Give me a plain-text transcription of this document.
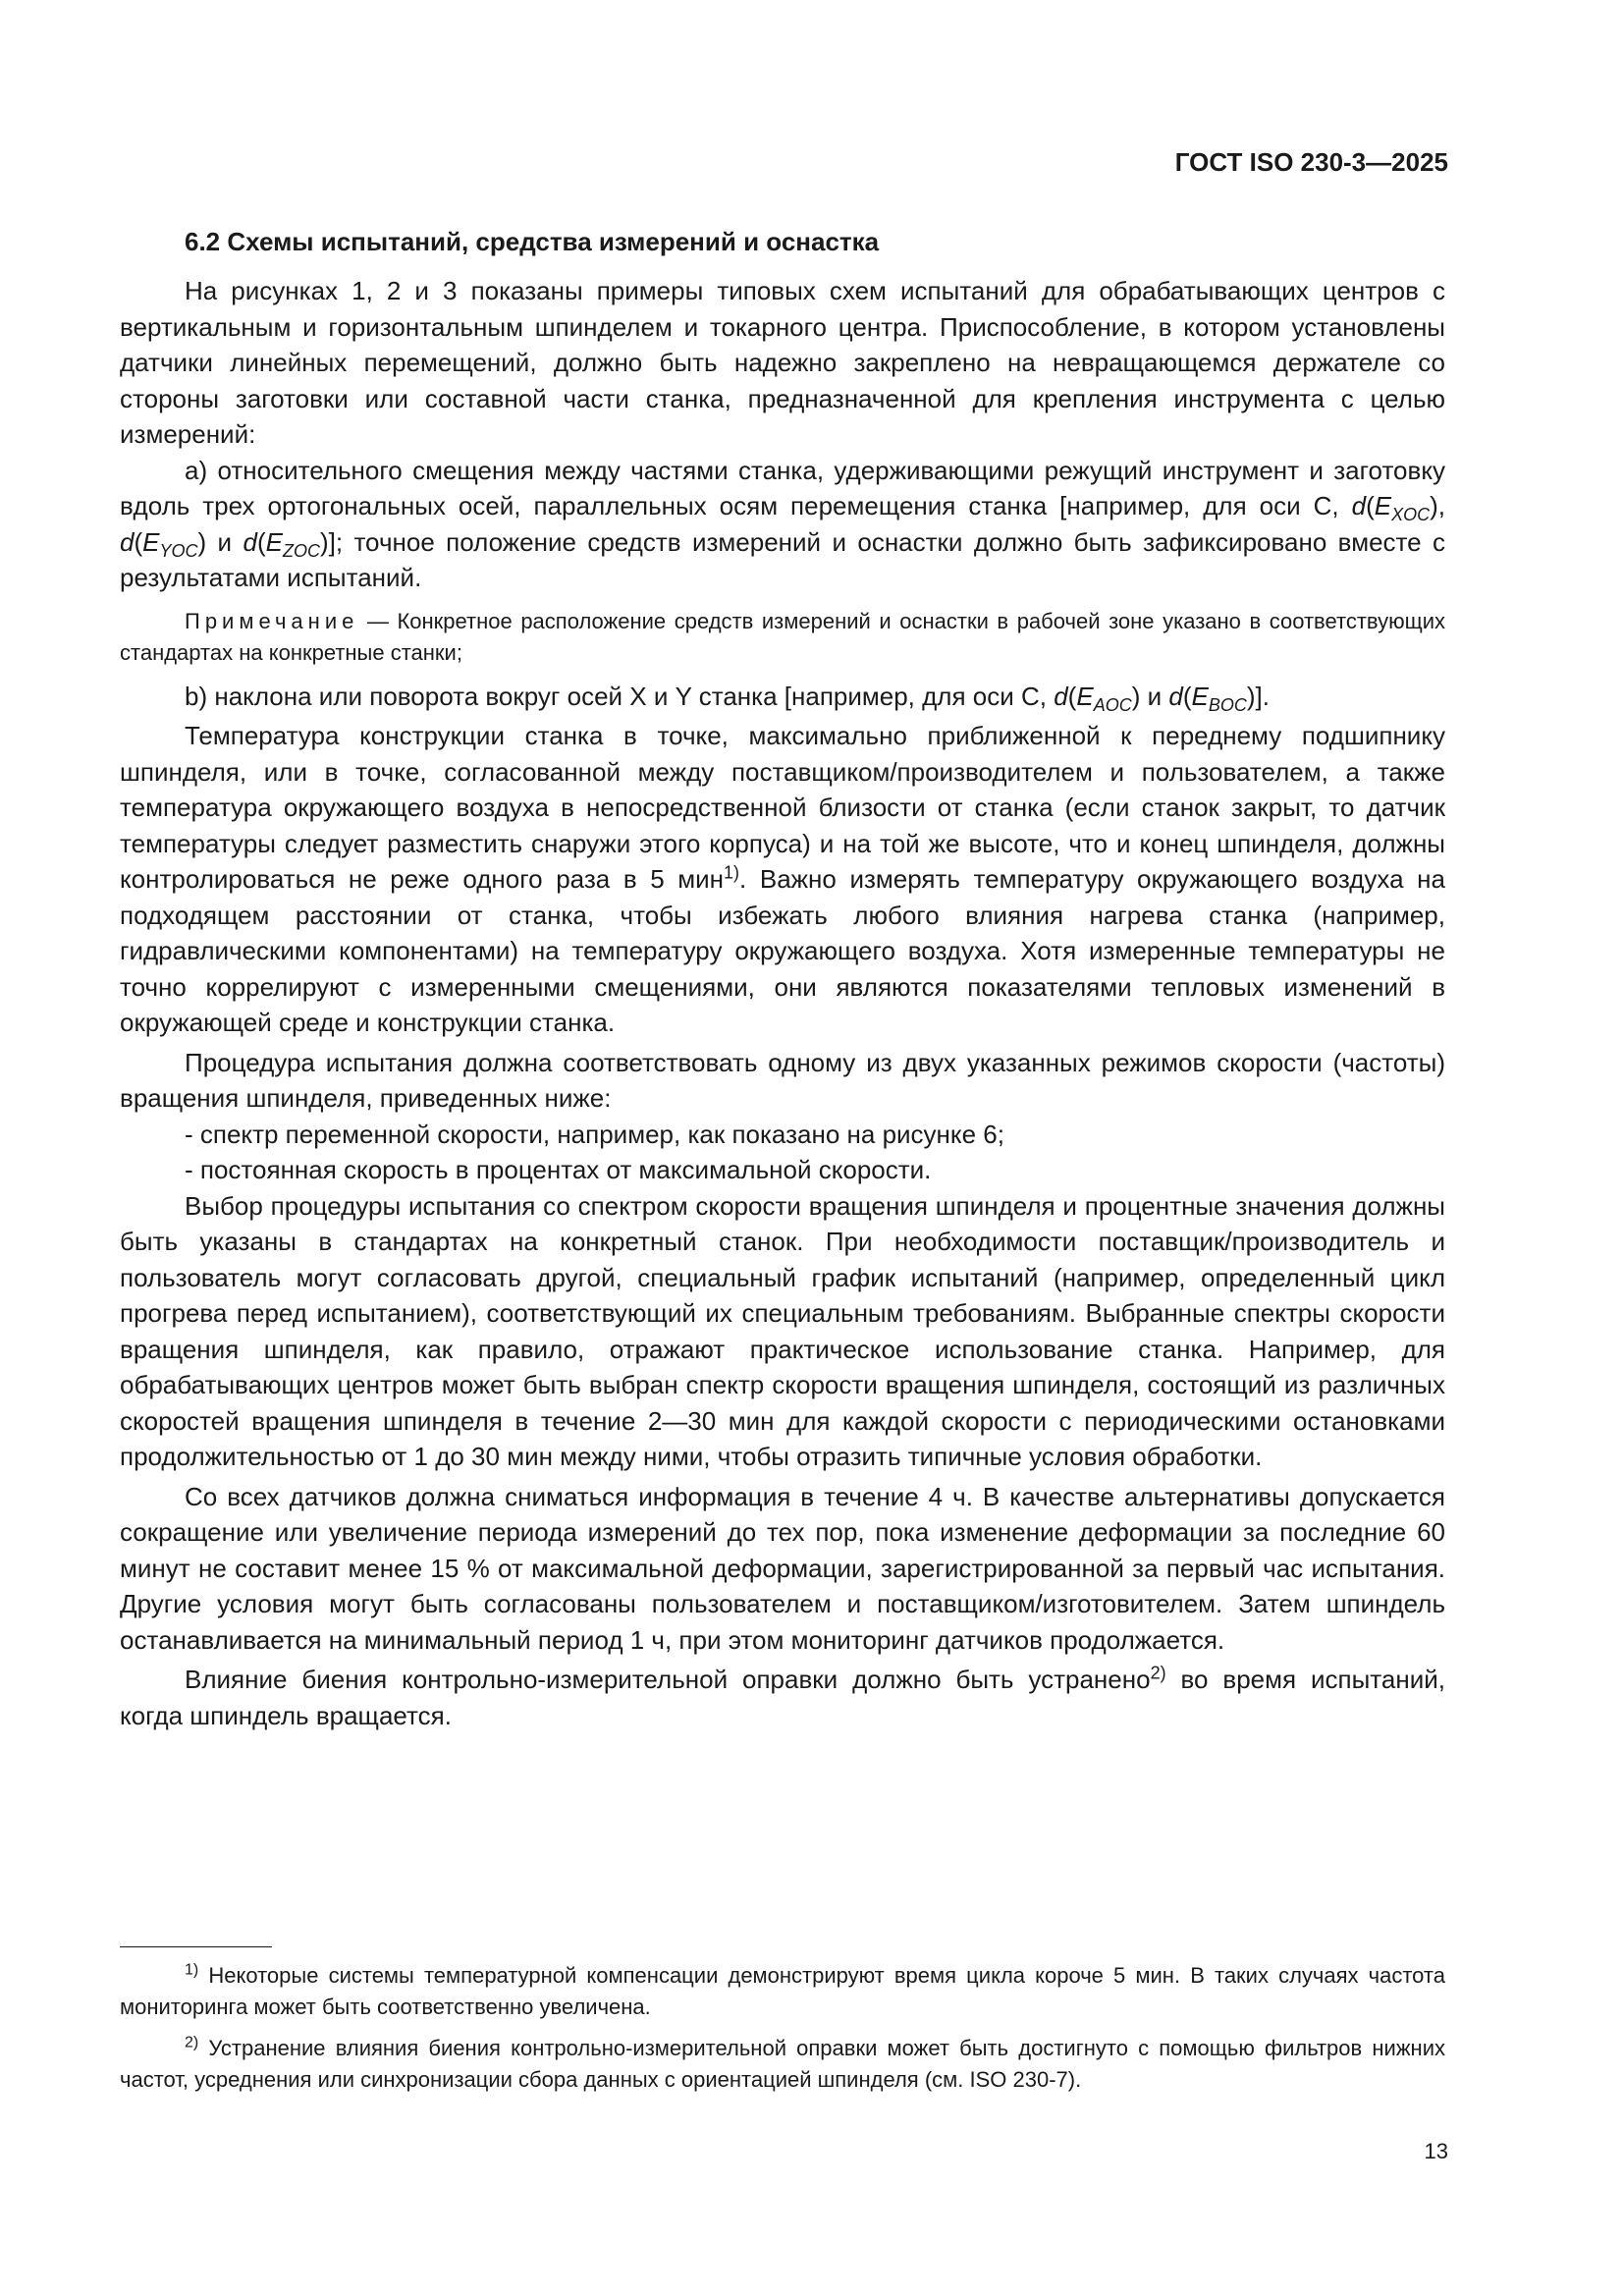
ГОСТ ISO 230-3—2025
6.2 Схемы испытаний, средства измерений и оснастка

На рисунках 1, 2 и 3 показаны примеры типовых схем испытаний для обрабатывающих центров с вертикальным и горизонтальным шпинделем и токарного центра. Приспособление, в котором установлены датчики линейных перемещений, должно быть надежно закреплено на невращающемся держателе со стороны заготовки или составной части станка, предназначенной для крепления инструмента с целью измерений:

а) относительного смещения между частями станка, удерживающими режущий инструмент и заготовку вдоль трех ортогональных осей, параллельных осям перемещения станка [например, для оси С, $d(E_{XOC})$, $d(E_{YOC})$ и $d(E_{ZOC})$]; точное положение средств измерений и оснастки должно быть зафиксировано вместе с результатами испытаний.

Примечание — Конкретное расположение средств измерений и оснастки в рабочей зоне указано в соответствующих стандартах на конкретные станки;

b) наклона или поворота вокруг осей X и Y станка [например, для оси С, $d(E_{AOC})$ и $d(E_{BOC})$].

Температура конструкции станка в точке, максимально приближенной к переднему подшипнику шпинделя, или в точке, согласованной между поставщиком/производителем и пользователем, а также температура окружающего воздуха в непосредственной близости от станка (если станок закрыт, то датчик температуры следует разместить снаружи этого корпуса) и на той же высоте, что и конец шпинделя, должны контролироваться не реже одного раза в 5 мин$^{1)}$. Важно измерять температуру окружающего воздуха на подходящем расстоянии от станка, чтобы избежать любого влияния нагрева станка (например, гидравлическими компонентами) на температуру окружающего воздуха. Хотя измеренные температуры не точно коррелируют с измеренными смещениями, они являются показателями тепловых изменений в окружающей среде и конструкции станка.

Процедура испытания должна соответствовать одному из двух указанных режимов скорости (частоты) вращения шпинделя, приведенных ниже:

- спектр переменной скорости, например, как показано на рисунке 6;

- постоянная скорость в процентах от максимальной скорости.

Выбор процедуры испытания со спектром скорости вращения шпинделя и процентные значения должны быть указаны в стандартах на конкретный станок. При необходимости поставщик/производитель и пользователь могут согласовать другой, специальный график испытаний (например, определенный цикл прогрева перед испытанием), соответствующий их специальным требованиям. Выбранные спектры скорости вращения шпинделя, как правило, отражают практическое использование станка. Например, для обрабатывающих центров может быть выбран спектр скорости вращения шпинделя, состоящий из различных скоростей вращения шпинделя в течение 2—30 мин для каждой скорости с периодическими остановками продолжительностью от 1 до 30 мин между ними, чтобы отразить типичные условия обработки.

Со всех датчиков должна сниматься информация в течение 4 ч. В качестве альтернативы допускается сокращение или увеличение периода измерений до тех пор, пока изменение деформации за последние 60 минут не составит менее 15 % от максимальной деформации, зарегистрированной за первый час испытания. Другие условия могут быть согласованы пользователем и поставщиком/изготовителем. Затем шпиндель останавливается на минимальный период 1 ч, при этом мониторинг датчиков продолжается.

Влияние биения контрольно-измерительной оправки должно быть устранено$^{2)}$ во время испытаний, когда шпиндель вращается.

$^{1)}$ Некоторые системы температурной компенсации демонстрируют время цикла короче 5 мин. В таких случаях частота мониторинга может быть соответственно увеличена.

$^{2)}$ Устранение влияния биения контрольно-измерительной оправки может быть достигнуто с помощью фильтров нижних частот, усреднения или синхронизации сбора данных с ориентацией шпинделя (см. ISO 230-7).

13
